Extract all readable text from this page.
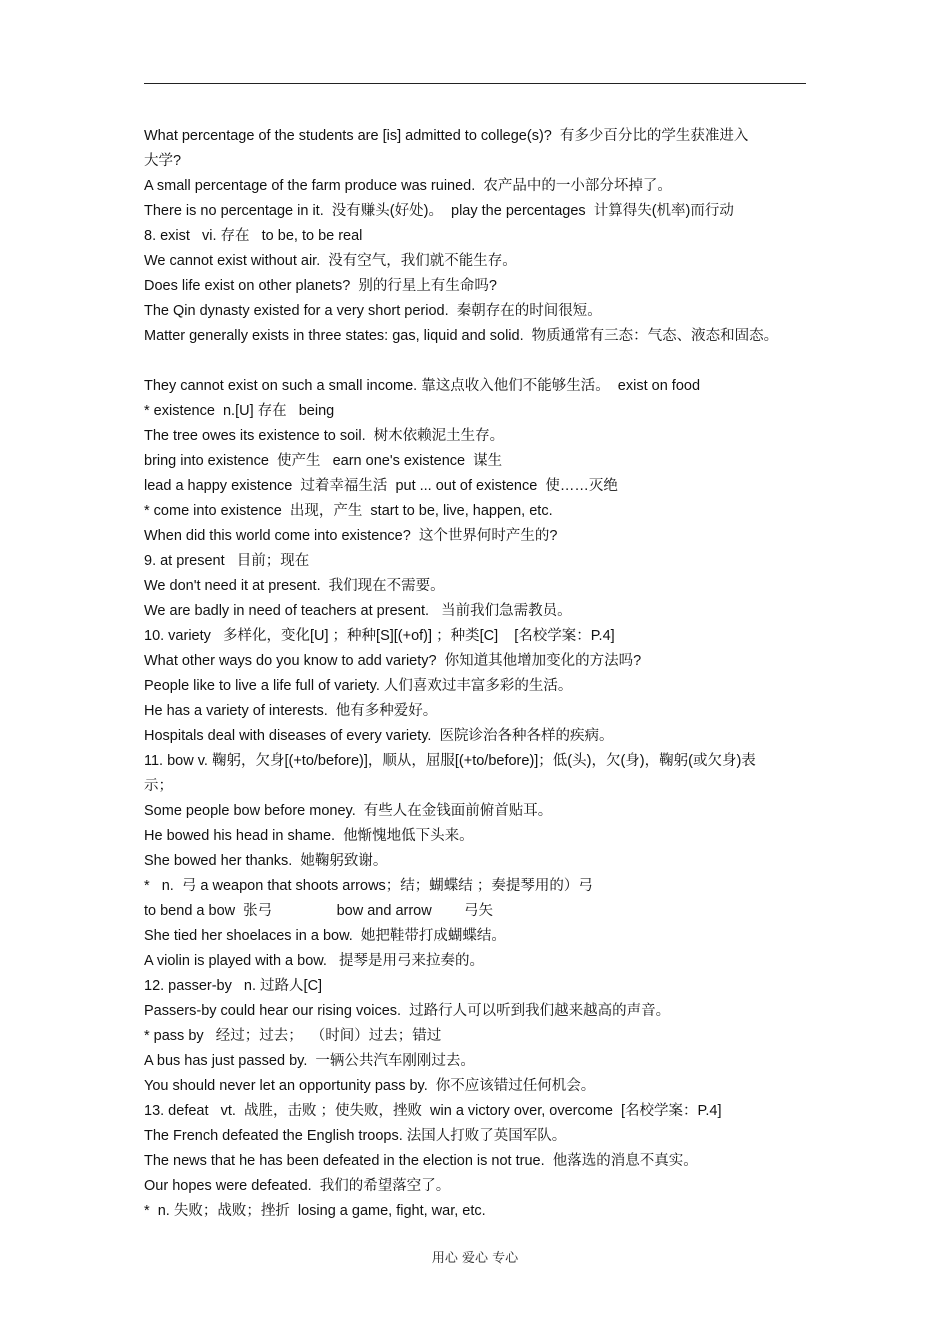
What percentage of the students are [is] admitted to college(s)?  有多少百分比的学生获准进入
大学?
A small percentage of the farm produce was ruined.  农产品中的一小部分坏掉了。
There is no percentage in it.  没有赚头(好处)。  play the percentages  计算得失(机率)而行动
8. exist   vi. 存在   to be, to be real
We cannot exist without air.  没有空气，我们就不能生存。
Does life exist on other planets?  别的行星上有生命吗?
The Qin dynasty existed for a very short period.  秦朝存在的时间很短。
Matter generally exists in three states: gas, liquid and solid.  物质通常有三态：气态、液态和固态。
They cannot exist on such a small income. 靠这点收入他们不能够生活。  exist on food
* existence  n.[U] 存在   being
The tree owes its existence to soil.  树木依赖泥土生存。
bring into existence  使产生   earn one's existence  谋生
lead a happy existence  过着幸福生活  put ... out of existence  使……灭绝
* come into existence  出现，产生  start to be, live, happen, etc.
When did this world come into existence?  这个世界何时产生的?
9. at present   目前；现在
We don't need it at present.  我们现在不需要。
We are badly in need of teachers at present.   当前我们急需教员。
10. variety   多样化，变化[U] ；种种[S][(+of)] ；种类[C]    [名校学案：P.4]
What other ways do you know to add variety?  你知道其他增加变化的方法吗?
People like to live a life full of variety. 人们喜欢过丰富多彩的生活。
He has a variety of interests.  他有多种爱好。
Hospitals deal with diseases of every variety.  医院诊治各种各样的疾病。
11. bow v. 鞠躬，欠身[(+to/before)]，顺从，屈服[(+to/before)]；低(头)，欠(身)，鞠躬(或欠身)表
示；
Some people bow before money.  有些人在金钱面前俯首贴耳。
He bowed his head in shame.  他惭愧地低下头来。
She bowed her thanks.  她鞠躬致谢。
*   n.  弓 a weapon that shoots arrows；结；蝴蝶结 ；奏提琴用的）弓
to bend a bow  张弓                bow and arrow        弓矢
She tied her shoelaces in a bow.  她把鞋带打成蝴蝶结。
A violin is played with a bow.   提琴是用弓来拉奏的。
12. passer-by   n. 过路人[C]
Passers-by could hear our rising voices.  过路行人可以听到我们越来越高的声音。
* pass by   经过；过去；  （时间）过去；错过
A bus has just passed by.  一辆公共汽车刚刚过去。
You should never let an opportunity pass by.  你不应该错过任何机会。
13. defeat   vt.  战胜，击败 ；使失败，挫败  win a victory over, overcome  [名校学案：P.4]
The French defeated the English troops. 法国人打败了英国军队。
The news that he has been defeated in the election is not true.  他落选的消息不真实。
Our hopes were defeated.  我们的希望落空了。
*  n. 失败；战败；挫折  losing a game, fight, war, etc.
用心 爱心 专心
